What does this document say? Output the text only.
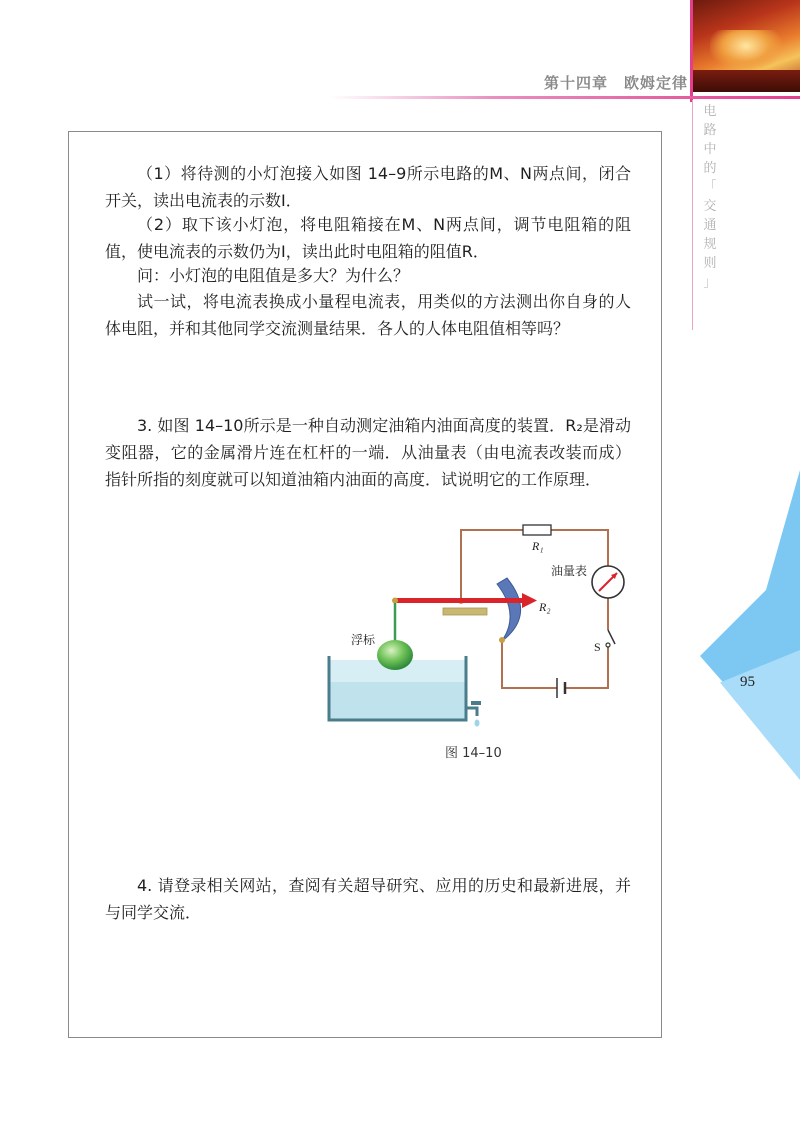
第十四章　欧姆定律
电
路
中
的
「
交
通
规
则
」
95

（1）将待测的小灯泡接入如图 14–9所示电路的M、N两点间，闭合开关，读出电流表的示数I．

（2）取下该小灯泡，将电阻箱接在M、N两点间，调节电阻箱的阻值，使电流表的示数仍为I，读出此时电阻箱的阻值R．

问：小灯泡的电阻值是多大？为什么？

试一试，将电流表换成小量程电流表，用类似的方法测出你自身的人体电阻，并和其他同学交流测量结果．各人的人体电阻值相等吗？

3. 如图 14–10所示是一种自动测定油箱内油面高度的装置．R₂是滑动变阻器，它的金属滑片连在杠杆的一端．从油量表（由电流表改装而成）指针所指的刻度就可以知道油箱内油面的高度．试说明它的工作原理．

R₁
油量表
S
R₂
浮标
图 14–10

4. 请登录相关网站，查阅有关超导研究、应用的历史和最新进展，并与同学交流．
